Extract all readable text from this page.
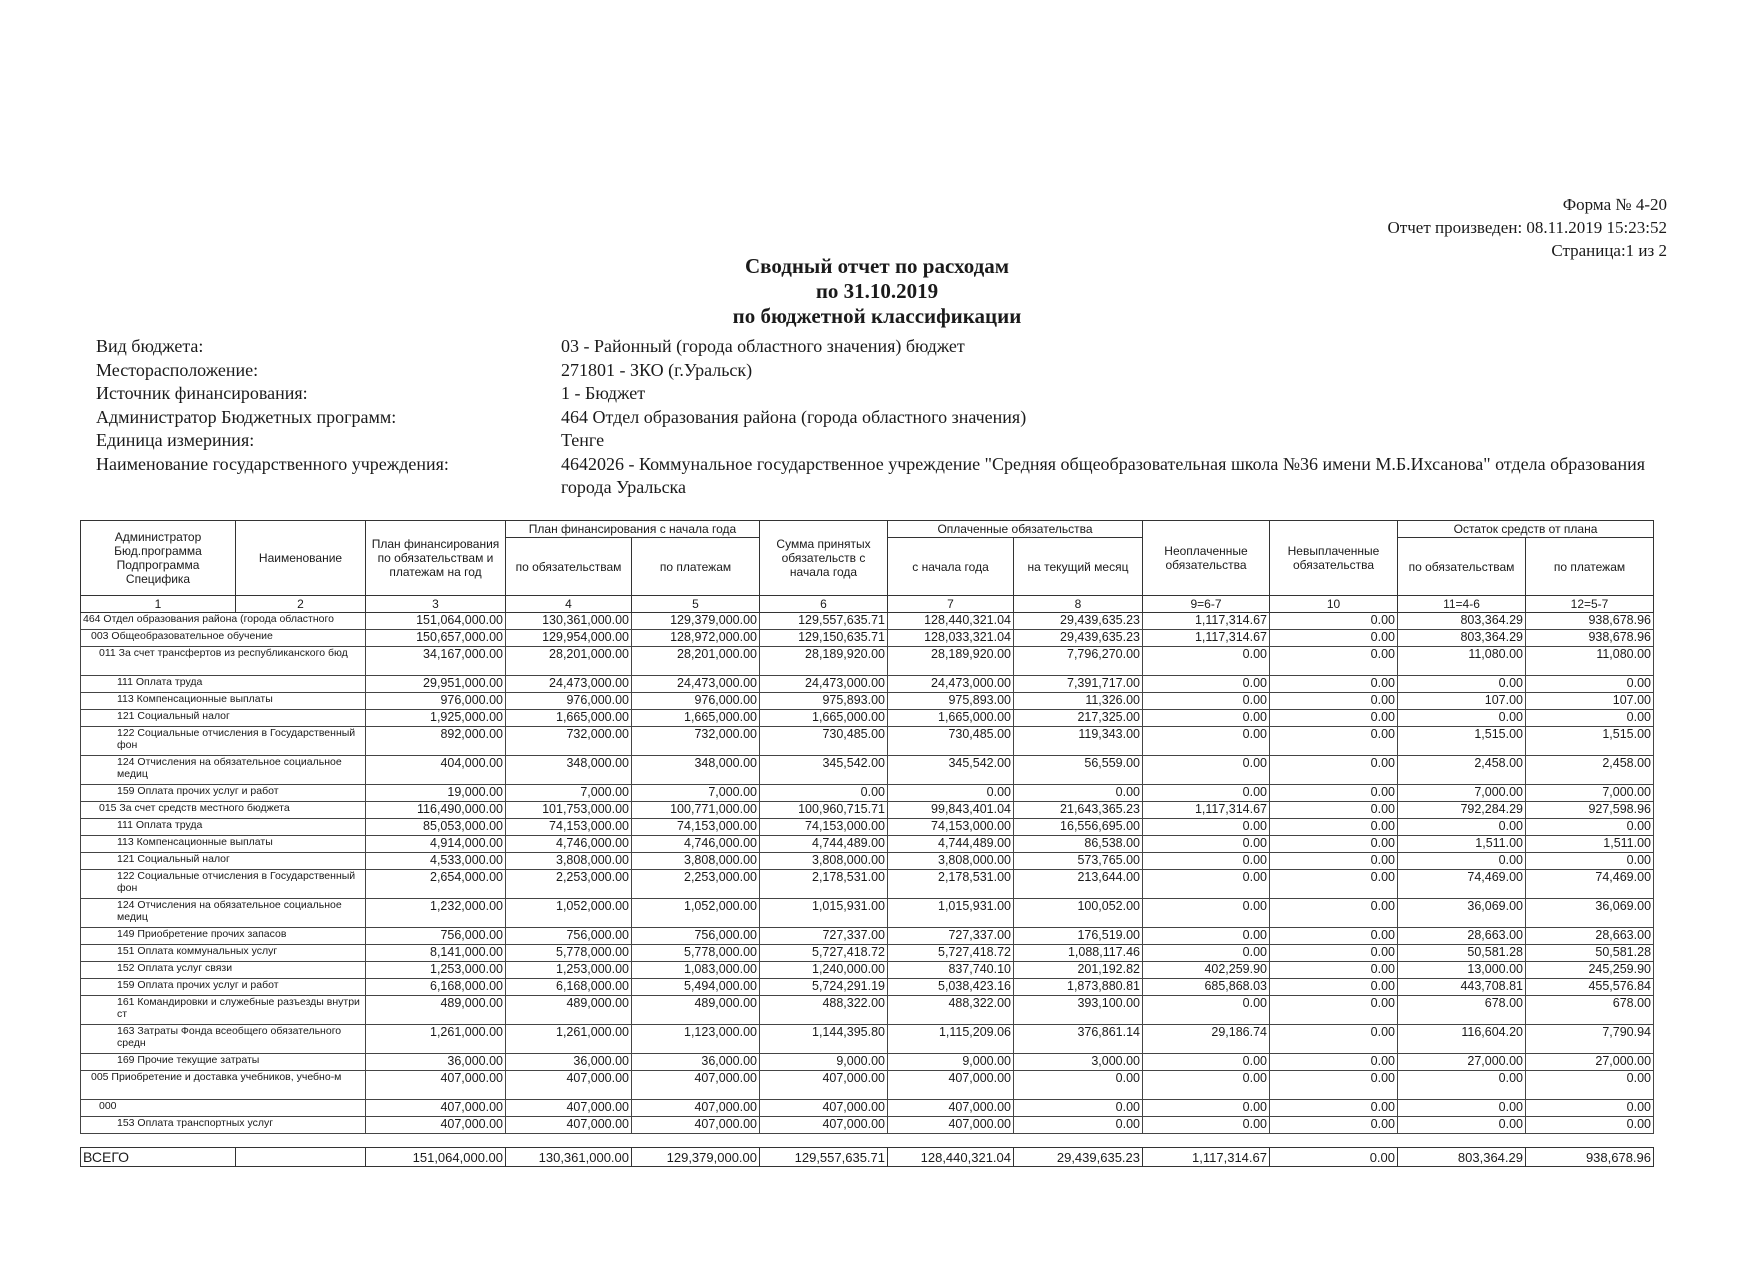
Форма № 4-20
Отчет произведен: 08.11.2019 15:23:52
Страница:1 из 2
Сводный отчет по расходам
по 31.10.2019
по бюджетной классификации
Вид бюджета:	03 - Районный (города областного значения) бюджет
Месторасположение:	271801 - ЗКО (г.Уральск)
Источник финансирования:	1 - Бюджет
Администратор Бюджетных программ:	464 Отдел образования района (города областного значения)
Единица измериния:	Тенге
Наименование государственного учреждения:	4642026 - Коммунальное государственное учреждение "Средняя общеобразовательная школа №36 имени М.Б.Ихсанова" отдела образования города Уральска
Администратор Бюд.программа Подпрограмма Специфика	Наименование	План финансирования по обязательствам и платежам на год	План финансирования с начала года		Сумма принятых обязательств с начала года	Оплаченные обязательства		Неоплаченные обязательства	Невыплаченные обязательства	Остаток средств от плана	
			по обязательствам	по платежам		с начала года	на текущий месяц			по обязательствам	по платежам
1	2	3	4	5	6	7	8	9=6-7	10	11=4-6	12=5-7
464 Отдел образования района (города областного		151,064,000.00	130,361,000.00	129,379,000.00	129,557,635.71	128,440,321.04	29,439,635.23	1,117,314.67	0.00	803,364.29	938,678.96
003 Общеобразовательное обучение		150,657,000.00	129,954,000.00	128,972,000.00	129,150,635.71	128,033,321.04	29,439,635.23	1,117,314.67	0.00	803,364.29	938,678.96
011 За счет трансфертов из республиканского бюд		34,167,000.00	28,201,000.00	28,201,000.00	28,189,920.00	28,189,920.00	7,796,270.00	0.00	0.00	11,080.00	11,080.00
111 Оплата труда		29,951,000.00	24,473,000.00	24,473,000.00	24,473,000.00	24,473,000.00	7,391,717.00	0.00	0.00	0.00	0.00
113 Компенсационные выплаты		976,000.00	976,000.00	976,000.00	975,893.00	975,893.00	11,326.00	0.00	0.00	107.00	107.00
121 Социальный налог		1,925,000.00	1,665,000.00	1,665,000.00	1,665,000.00	1,665,000.00	217,325.00	0.00	0.00	0.00	0.00
122 Социальные отчисления в Государственный фон		892,000.00	732,000.00	732,000.00	730,485.00	730,485.00	119,343.00	0.00	0.00	1,515.00	1,515.00
124 Отчисления на обязательное социальное медиц		404,000.00	348,000.00	348,000.00	345,542.00	345,542.00	56,559.00	0.00	0.00	2,458.00	2,458.00
159 Оплата прочих услуг и работ		19,000.00	7,000.00	7,000.00	0.00	0.00	0.00	0.00	0.00	7,000.00	7,000.00
015 За счет средств местного бюджета		116,490,000.00	101,753,000.00	100,771,000.00	100,960,715.71	99,843,401.04	21,643,365.23	1,117,314.67	0.00	792,284.29	927,598.96
111 Оплата труда		85,053,000.00	74,153,000.00	74,153,000.00	74,153,000.00	74,153,000.00	16,556,695.00	0.00	0.00	0.00	0.00
113 Компенсационные выплаты		4,914,000.00	4,746,000.00	4,746,000.00	4,744,489.00	4,744,489.00	86,538.00	0.00	0.00	1,511.00	1,511.00
121 Социальный налог		4,533,000.00	3,808,000.00	3,808,000.00	3,808,000.00	3,808,000.00	573,765.00	0.00	0.00	0.00	0.00
122 Социальные отчисления в Государственный фон		2,654,000.00	2,253,000.00	2,253,000.00	2,178,531.00	2,178,531.00	213,644.00	0.00	0.00	74,469.00	74,469.00
124 Отчисления на обязательное социальное медиц		1,232,000.00	1,052,000.00	1,052,000.00	1,015,931.00	1,015,931.00	100,052.00	0.00	0.00	36,069.00	36,069.00
149 Приобретение прочих запасов		756,000.00	756,000.00	756,000.00	727,337.00	727,337.00	176,519.00	0.00	0.00	28,663.00	28,663.00
151 Оплата коммунальных услуг		8,141,000.00	5,778,000.00	5,778,000.00	5,727,418.72	5,727,418.72	1,088,117.46	0.00	0.00	50,581.28	50,581.28
152 Оплата услуг связи		1,253,000.00	1,253,000.00	1,083,000.00	1,240,000.00	837,740.10	201,192.82	402,259.90	0.00	13,000.00	245,259.90
159 Оплата прочих услуг и работ		6,168,000.00	6,168,000.00	5,494,000.00	5,724,291.19	5,038,423.16	1,873,880.81	685,868.03	0.00	443,708.81	455,576.84
161 Командировки и служебные разъезды внутри ст		489,000.00	489,000.00	489,000.00	488,322.00	488,322.00	393,100.00	0.00	0.00	678.00	678.00
163 Затраты Фонда всеобщего обязательного средн		1,261,000.00	1,261,000.00	1,123,000.00	1,144,395.80	1,115,209.06	376,861.14	29,186.74	0.00	116,604.20	7,790.94
169 Прочие текущие затраты		36,000.00	36,000.00	36,000.00	9,000.00	9,000.00	3,000.00	0.00	0.00	27,000.00	27,000.00
005 Приобретение и доставка учебников, учебно-м		407,000.00	407,000.00	407,000.00	407,000.00	407,000.00	0.00	0.00	0.00	0.00	0.00
000		407,000.00	407,000.00	407,000.00	407,000.00	407,000.00	0.00	0.00	0.00	0.00	0.00
153 Оплата транспортных услуг		407,000.00	407,000.00	407,000.00	407,000.00	407,000.00	0.00	0.00	0.00	0.00	0.00

ВСЕГО		151,064,000.00	130,361,000.00	129,379,000.00	129,557,635.71	128,440,321.04	29,439,635.23	1,117,314.67	0.00	803,364.29	938,678.96
